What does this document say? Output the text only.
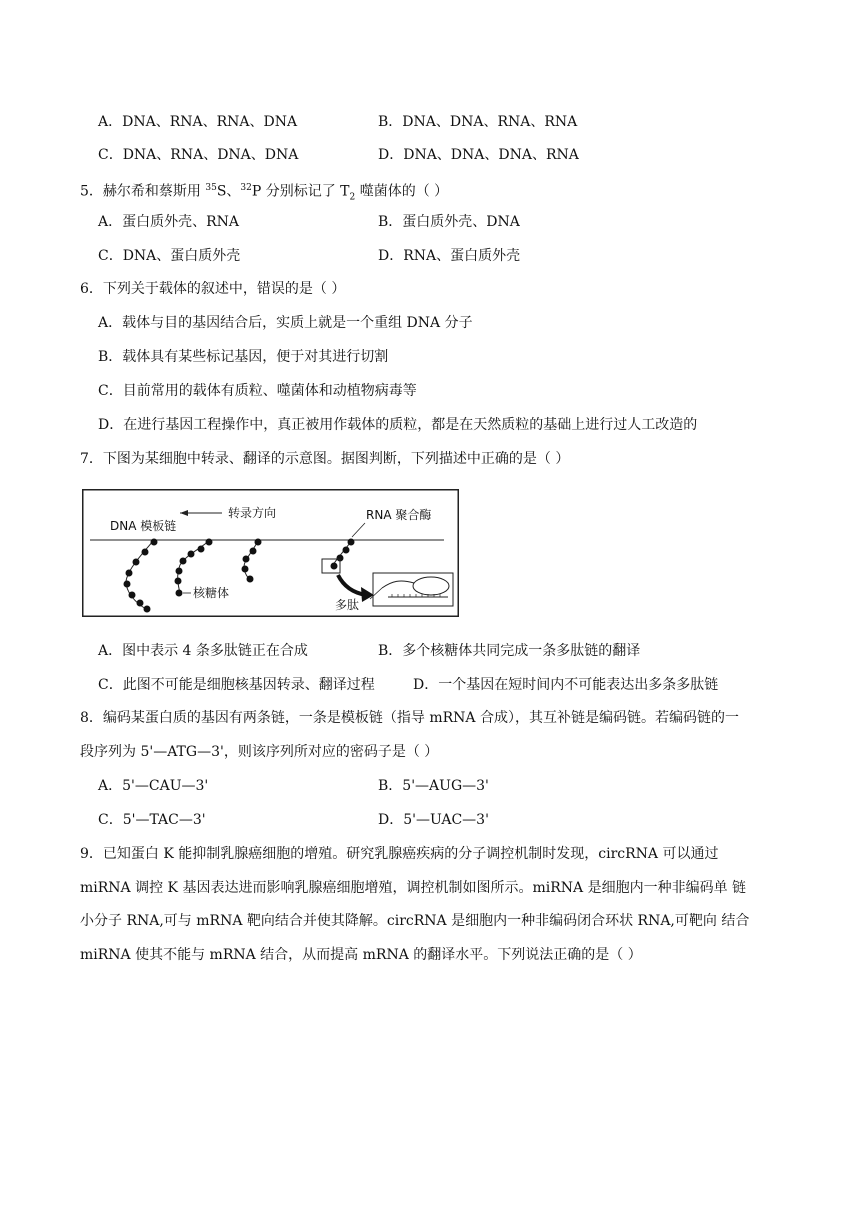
A．DNA、RNA、RNA、DNA	B．DNA、DNA、RNA、RNA
C．DNA、RNA、DNA、DNA	D．DNA、DNA、DNA、RNA
5．赫尔希和蔡斯用 $^{35}$S、$^{32}$P 分别标记了 $T_2$ 噬菌体的（ ）
A．蛋白质外壳、RNA	B．蛋白质外壳、DNA
C．DNA、蛋白质外壳	D．RNA、蛋白质外壳
6．下列关于载体的叙述中，错误的是（ ）
A．载体与目的基因结合后，实质上就是一个重组 DNA 分子
B．载体具有某些标记基因，便于对其进行切割
C．目前常用的载体有质粒、噬菌体和动植物病毒等
D．在进行基因工程操作中，真正被用作载体的质粒，都是在天然质粒的基础上进行过人工改造的
7．下图为某细胞中转录、翻译的示意图。据图判断，下列描述中正确的是（ ）
转录方向
DNA 模板链
RNA 聚合酶
核糖体
多肽
A．图中表示 4 条多肽链正在合成	B．多个核糖体共同完成一条多肽链的翻译
C．此图不可能是细胞核基因转录、翻译过程	D．一个基因在短时间内不可能表达出多条多肽链
8．编码某蛋白质的基因有两条链，一条是模板链（指导 mRNA 合成），其互补链是编码链。若编码链的一
段序列为 5'—ATG—3'，则该序列所对应的密码子是（ ）
A．5'—CAU—3'	B．5'—AUG—3'
C．5'—TAC—3'	D．5'—UAC—3'
9．已知蛋白 K 能抑制乳腺癌细胞的增殖。研究乳腺癌疾病的分子调控机制时发现，circRNA 可以通过
miRNA 调控 K 基因表达进而影响乳腺癌细胞增殖，调控机制如图所示。miRNA 是细胞内一种非编码单 链
小分子 RNA,可与 mRNA 靶向结合并使其降解。circRNA 是细胞内一种非编码闭合环状 RNA,可靶向 结合
miRNA 使其不能与 mRNA 结合，从而提高 mRNA 的翻译水平。下列说法正确的是（ ）
